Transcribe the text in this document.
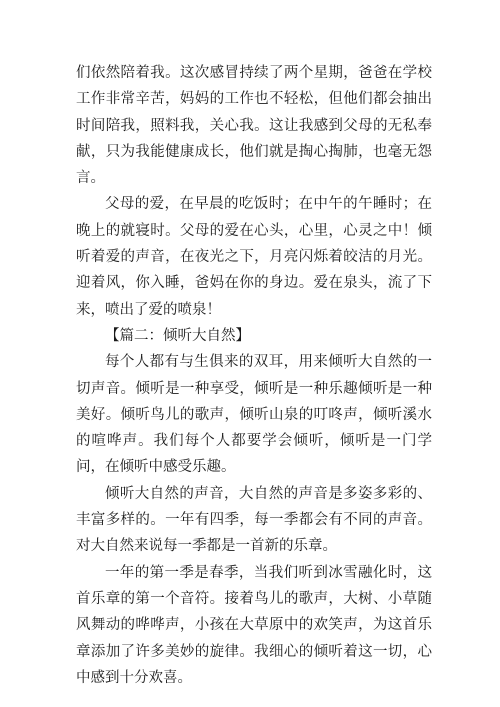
们依然陪着我。这次感冒持续了两个星期，爸爸在学校工作非常辛苦，妈妈的工作也不轻松，但他们都会抽出时间陪我，照料我，关心我。这让我感到父母的无私奉献，只为我能健康成长，他们就是掏心掏肺，也毫无怨言。

父母的爱，在早晨的吃饭时；在中午的午睡时；在晚上的就寝时。父母的爱在心头，心里，心灵之中！倾听着爱的声音，在夜光之下，月亮闪烁着皎洁的月光。迎着风，你入睡，爸妈在你的身边。爱在泉头，流了下来，喷出了爱的喷泉！

【篇二：倾听大自然】

每个人都有与生俱来的双耳，用来倾听大自然的一切声音。倾听是一种享受，倾听是一种乐趣倾听是一种美好。倾听鸟儿的歌声，倾听山泉的叮咚声，倾听溪水的喧哗声。我们每个人都要学会倾听，倾听是一门学问，在倾听中感受乐趣。

倾听大自然的声音，大自然的声音是多姿多彩的、丰富多样的。一年有四季，每一季都会有不同的声音。对大自然来说每一季都是一首新的乐章。

一年的第一季是春季，当我们听到冰雪融化时，这首乐章的第一个音符。接着鸟儿的歌声，大树、小草随风舞动的哗哗声，小孩在大草原中的欢笑声，为这首乐章添加了许多美妙的旋律。我细心的倾听着这一切，心中感到十分欢喜。
